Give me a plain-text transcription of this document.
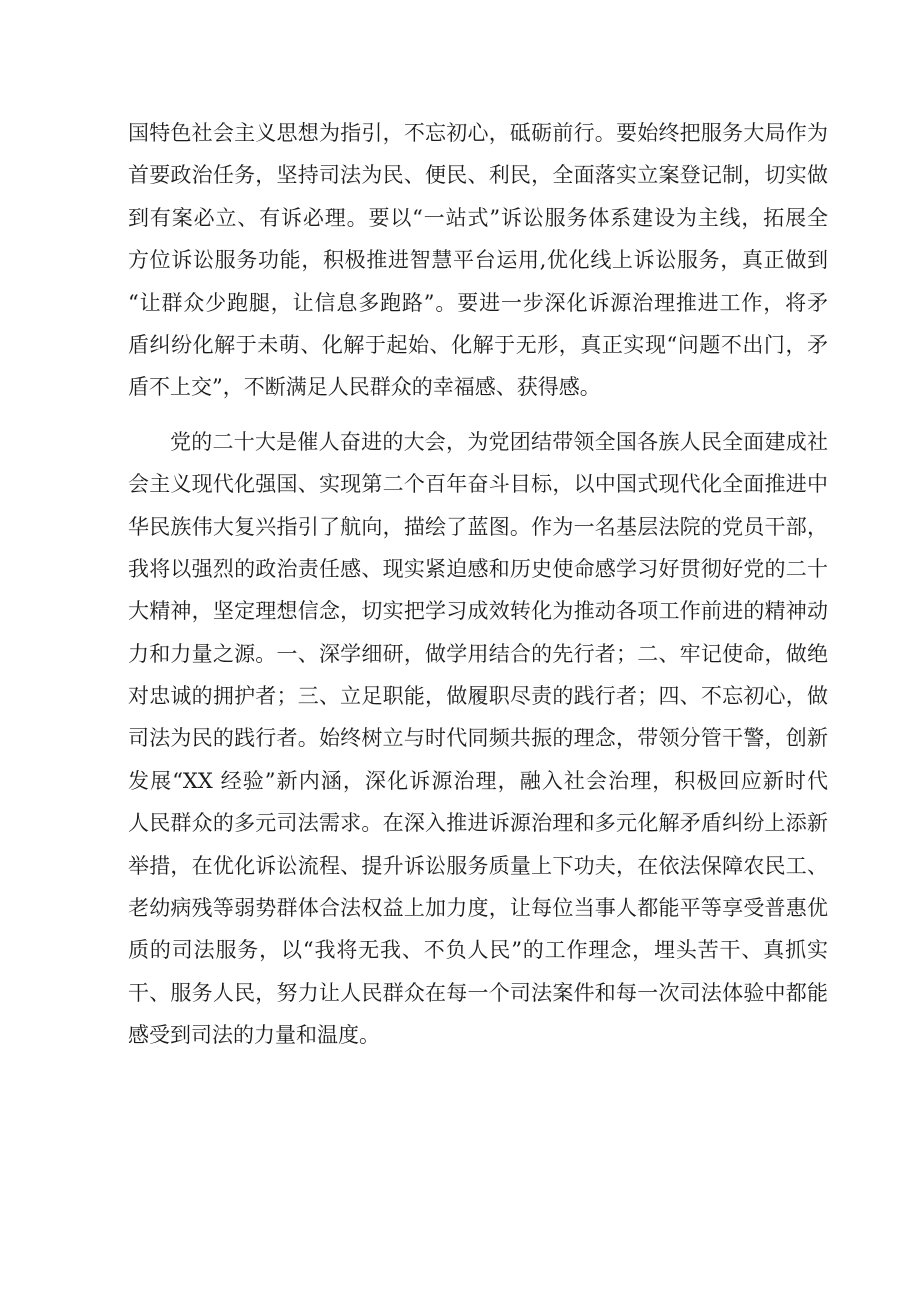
国特色社会主义思想为指引，不忘初心，砥砺前行。要始终把服务大局作为
首要政治任务，坚持司法为民、便民、利民，全面落实立案登记制，切实做
到有案必立、有诉必理。要以“一站式”诉讼服务体系建设为主线，拓展全
方位诉讼服务功能，积极推进智慧平台运用,优化线上诉讼服务，真正做到
“让群众少跑腿，让信息多跑路”。要进一步深化诉源治理推进工作，将矛
盾纠纷化解于未萌、化解于起始、化解于无形，真正实现“问题不出门，矛
盾不上交”，不断满足人民群众的幸福感、获得感。
党的二十大是催人奋进的大会，为党团结带领全国各族人民全面建成社
会主义现代化强国、实现第二个百年奋斗目标，以中国式现代化全面推进中
华民族伟大复兴指引了航向，描绘了蓝图。作为一名基层法院的党员干部，
我将以强烈的政治责任感、现实紧迫感和历史使命感学习好贯彻好党的二十
大精神，坚定理想信念，切实把学习成效转化为推动各项工作前进的精神动
力和力量之源。一、深学细研，做学用结合的先行者；二、牢记使命，做绝
对忠诚的拥护者；三、立足职能，做履职尽责的践行者；四、不忘初心，做
司法为民的践行者。始终树立与时代同频共振的理念，带领分管干警，创新
发展“XX 经验”新内涵，深化诉源治理，融入社会治理，积极回应新时代
人民群众的多元司法需求。在深入推进诉源治理和多元化解矛盾纠纷上添新
举措，在优化诉讼流程、提升诉讼服务质量上下功夫，在依法保障农民工、
老幼病残等弱势群体合法权益上加力度，让每位当事人都能平等享受普惠优
质的司法服务，以“我将无我、不负人民”的工作理念，埋头苦干、真抓实
干、服务人民，努力让人民群众在每一个司法案件和每一次司法体验中都能
感受到司法的力量和温度。
